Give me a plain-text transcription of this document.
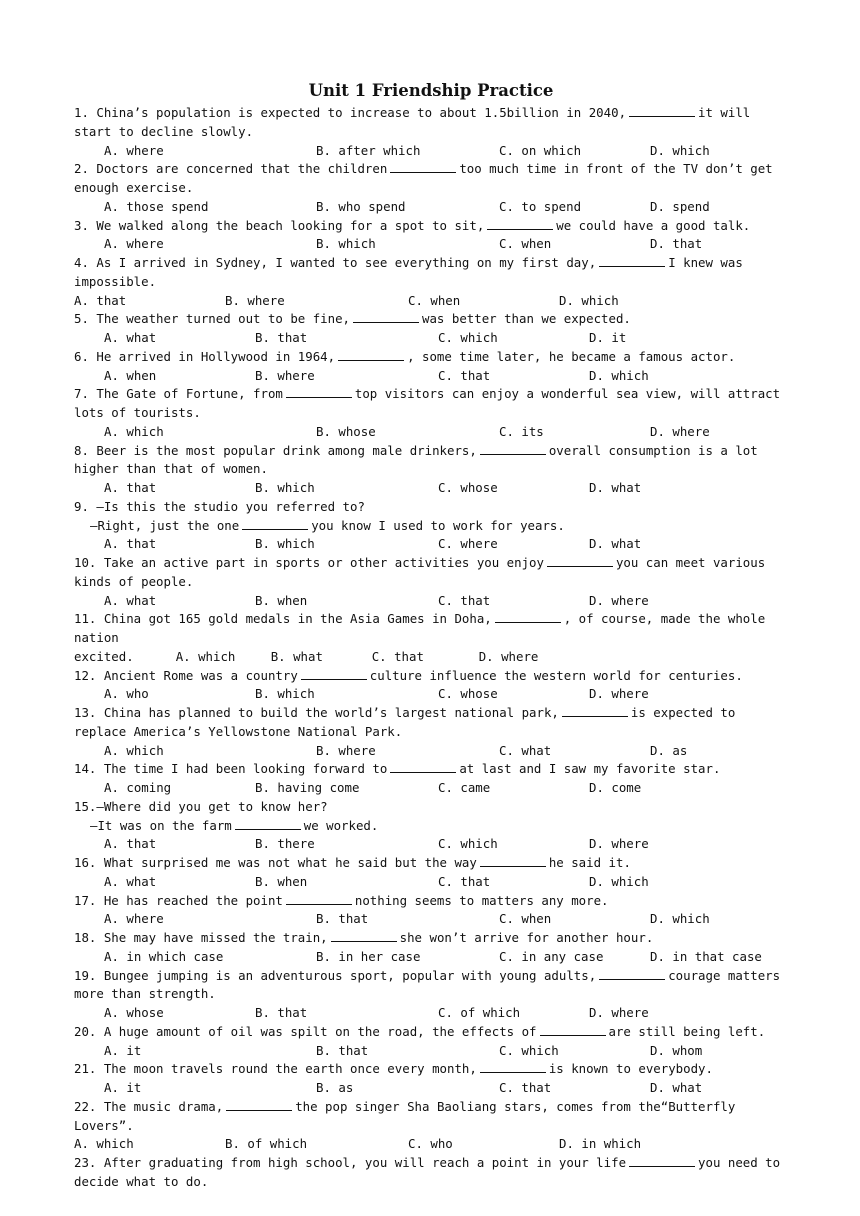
Unit 1 Friendship Practice
1. China’s population is expected to increase to about 1.5billion in 2040,	it will start to decline slowly.
A. where	B. after which	C. on which	D. which
2. Doctors are concerned that the children	too much time in front of the TV don’t get enough exercise.
A. those spend	B. who spend	C. to spend	D. spend
3. We walked along the beach looking for a spot to sit,	we could have a good talk.
A. where	B. which	C. when	D. that
4. As I arrived in Sydney, I wanted to see everything on my first day,	I knew was impossible.
A. that	B. where	C. when	D. which
5. The weather turned out to be fine,	was better than we expected.
A. what	B. that	C. which	D. it
6. He arrived in Hollywood in 1964,	, some time later, he became a famous actor.
A. when	B. where	C. that	D. which
7. The Gate of Fortune, from	top visitors can enjoy a wonderful sea view, will attract lots of tourists.
A. which	B. whose	C. its	D. where
8. Beer is the most popular drink among male drinkers,	overall consumption is a lot higher than that of women.
A. that	B. which	C. whose	D. what
9. —Is this the studio you referred to?
—Right, just the one	you know I used to work for years.
A. that	B. which	C. where	D. what
10. Take an active part in sports or other activities you enjoy	you can meet various kinds of people.
A. what	B. when	C. that	D. where
11. China got 165 gold medals in the Asia Games in Doha,	, of course, made the whole nation
excited.	A. which	B. what	C. that	D. where
12. Ancient Rome was a country	culture influence the western world for centuries.
A. who	B. which	C. whose	D. where
13. China has planned to build the world’s largest national park,	is expected to replace America’s Yellowstone National Park.
A. which	B. where	C. what	D. as
14. The time I had been looking forward to	at last and I saw my favorite star.
A. coming	B. having come	C. came	D. come
15.—Where did you get to know her?
—It was on the farm	we worked.
A. that	B. there	C. which	D. where
16. What surprised me was not what he said but the way	he said it.
A. what	B. when	C. that	D. which
17. He has reached the point	nothing seems to matters any more.
A. where	B. that	C. when	D. which
18. She may have missed the train,	she won’t arrive for another hour.
A. in which case	B. in her case	C. in any case	D. in that case
19. Bungee jumping is an adventurous sport, popular with young adults,	courage matters more than strength.
A. whose	B. that	C. of which	D. where
20. A huge amount of oil was spilt on the road, the effects of	are still being left.
A. it	B. that	C. which	D. whom
21. The moon travels round the earth once every month,	is known to everybody.
A. it	B. as	C. that	D. what
22. The music drama,	the pop singer Sha Baoliang stars, comes from the“Butterfly Lovers”.
A. which	B. of which	C. who	D. in which
23. After graduating from high school, you will reach a point in your life	you need to decide what to do.
